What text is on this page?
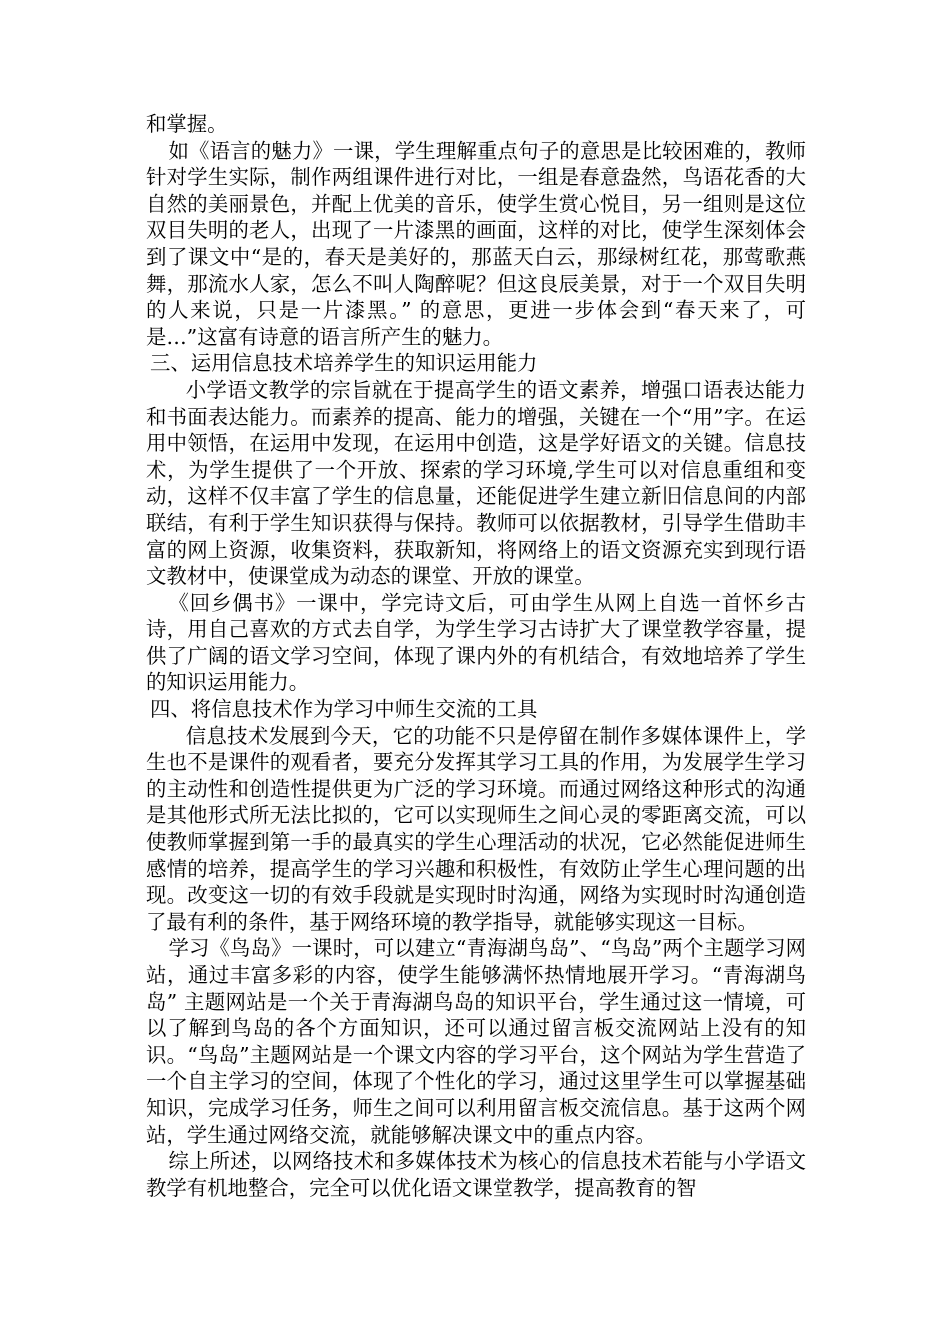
和掌握。

如《语言的魅力》一课，学生理解重点句子的意思是比较困难的，教师针对学生实际，制作两组课件进行对比，一组是春意盎然，鸟语花香的大自然的美丽景色，并配上优美的音乐，使学生赏心悦目，另一组则是这位双目失明的老人，出现了一片漆黑的画面，这样的对比，使学生深刻体会到了课文中“是的，春天是美好的，那蓝天白云，那绿树红花，那莺歌燕舞，那流水人家，怎么不叫人陶醉呢？但这良辰美景，对于一个双目失明的人来说，只是一片漆黑。” 的意思，更进一步体会到“春天来了，可是…”这富有诗意的语言所产生的魅力。

三、运用信息技术培养学生的知识运用能力

小学语文教学的宗旨就在于提高学生的语文素养，增强口语表达能力和书面表达能力。而素养的提高、能力的增强，关键在一个“用”字。在运用中领悟，在运用中发现，在运用中创造，这是学好语文的关键。信息技术，为学生提供了一个开放、探索的学习环境,学生可以对信息重组和变动，这样不仅丰富了学生的信息量，还能促进学生建立新旧信息间的内部联结，有利于学生知识获得与保持。教师可以依据教材，引导学生借助丰富的网上资源，收集资料，获取新知，将网络上的语文资源充实到现行语文教材中，使课堂成为动态的课堂、开放的课堂。

《回乡偶书》一课中，学完诗文后，可由学生从网上自选一首怀乡古诗，用自己喜欢的方式去自学，为学生学习古诗扩大了课堂教学容量，提供了广阔的语文学习空间，体现了课内外的有机结合，有效地培养了学生的知识运用能力。

四、将信息技术作为学习中师生交流的工具

信息技术发展到今天，它的功能不只是停留在制作多媒体课件上，学生也不是课件的观看者，要充分发挥其学习工具的作用，为发展学生学习的主动性和创造性提供更为广泛的学习环境。而通过网络这种形式的沟通是其他形式所无法比拟的，它可以实现师生之间心灵的零距离交流，可以使教师掌握到第一手的最真实的学生心理活动的状况，它必然能促进师生感情的培养，提高学生的学习兴趣和积极性，有效防止学生心理问题的出现。改变这一切的有效手段就是实现时时沟通，网络为实现时时沟通创造了最有利的条件，基于网络环境的教学指导，就能够实现这一目标。

学习《鸟岛》一课时，可以建立“青海湖鸟岛”、“鸟岛”两个主题学习网站，通过丰富多彩的内容，使学生能够满怀热情地展开学习。“青海湖鸟岛” 主题网站是一个关于青海湖鸟岛的知识平台，学生通过这一情境，可以了解到鸟岛的各个方面知识，还可以通过留言板交流网站上没有的知识。“鸟岛”主题网站是一个课文内容的学习平台，这个网站为学生营造了一个自主学习的空间，体现了个性化的学习，通过这里学生可以掌握基础知识，完成学习任务，师生之间可以利用留言板交流信息。基于这两个网站，学生通过网络交流，就能够解决课文中的重点内容。

综上所述，以网络技术和多媒体技术为核心的信息技术若能与小学语文教学有机地整合，完全可以优化语文课堂教学，提高教育的智
